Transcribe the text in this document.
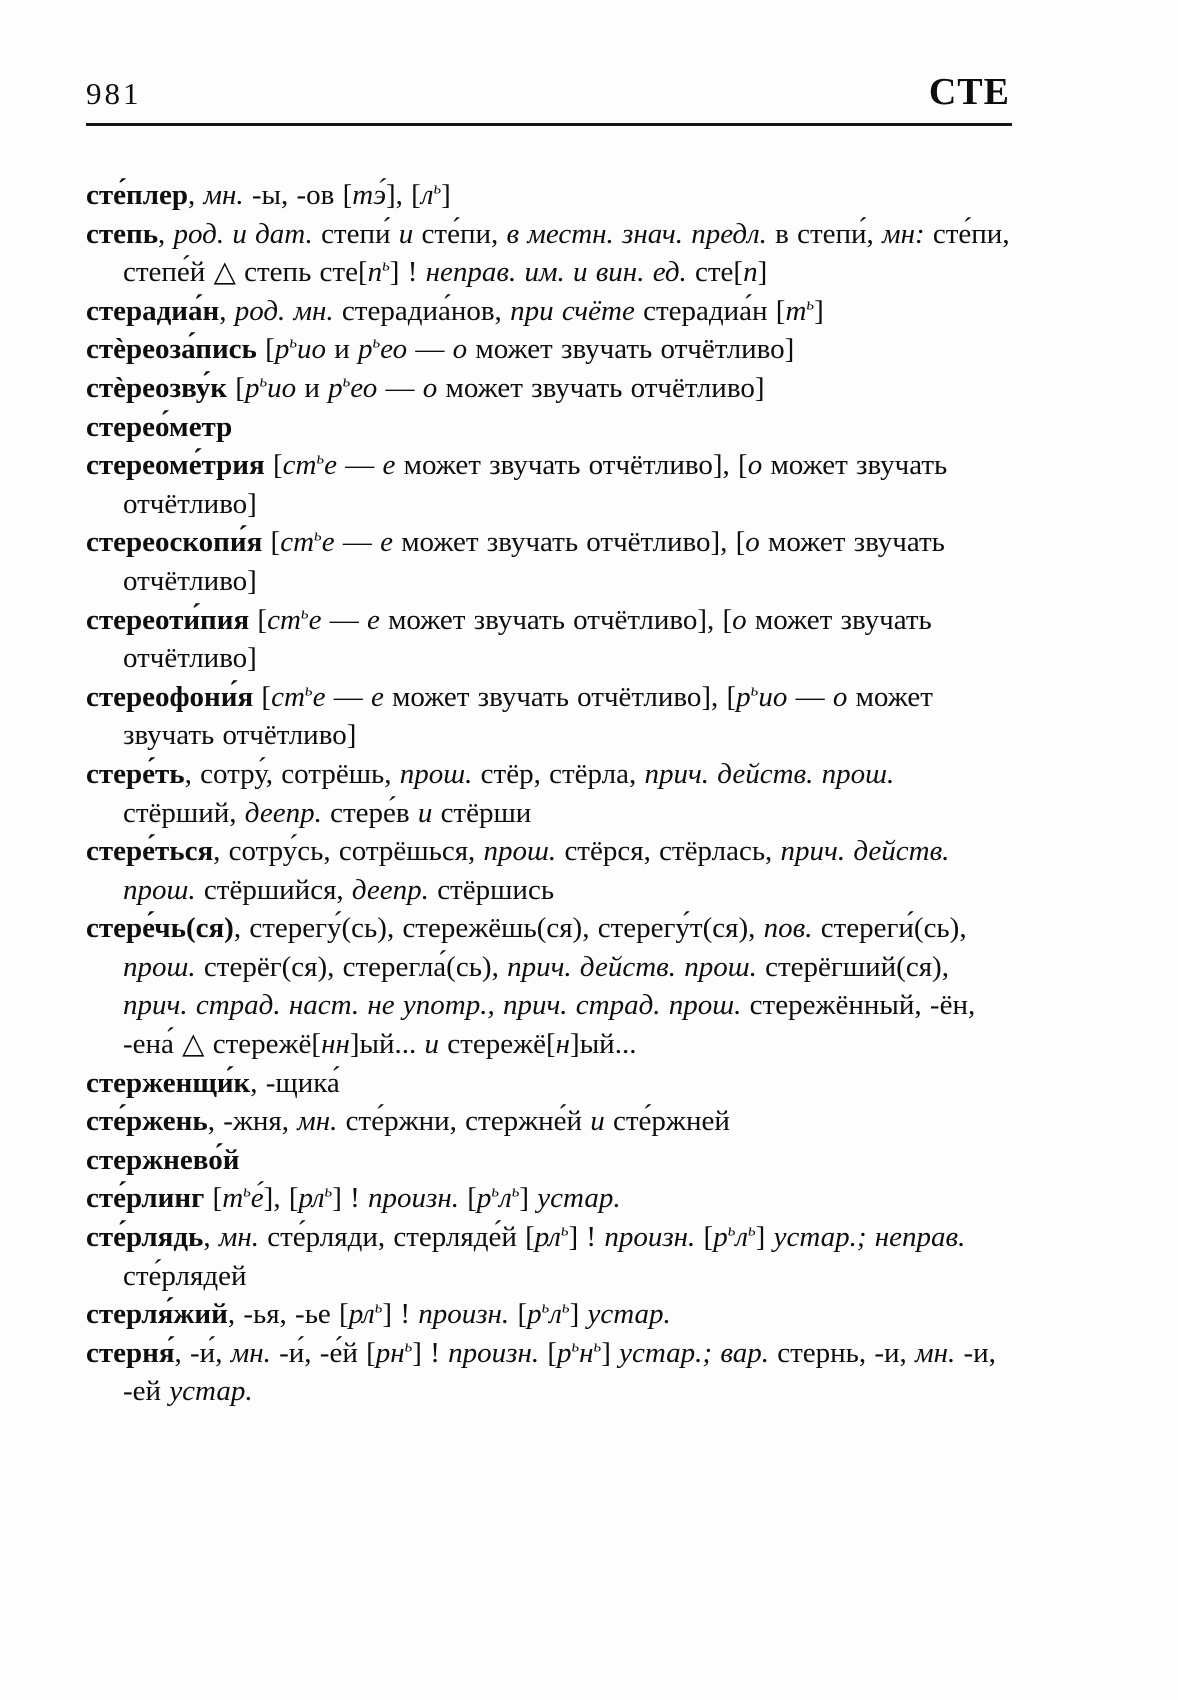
981	СТЕ

сте́плер, мн. -ы, -ов [тэ́], $[л^ь]$

степь, род. и дат. степи́ и сте́пи, в местн. знач. предл. в степи́, мн: сте́пи, степе́й △ степь $сте[п^ь]$ ! неправ. им. и вин. ед. сте[п]

стерадиа́н, род. мн. стерадиа́нов, при счёте стерадиа́н $[т^ь]$

стѐреоза́пись [$р^ьио$ и $р^ьео$ — о может звучать отчётливо]

стѐреозву́к [$р^ьио$ и $р^ьео$ — о может звучать отчётливо]

стерео́метр

стереоме́трия [$ст^ье$ — е может звучать отчётливо], [о может звучать отчётливо]

стереоскопи́я [$ст^ье$ — е может звучать отчётливо], [о может звучать отчётливо]

стереоти́пия [$ст^ье$ — е может звучать отчётливо], [о может звучать отчётливо]

стереофони́я [$ст^ье$ — е может звучать отчётливо], [$р^ьио$ — о может звучать отчётливо]

стере́ть, сотру́, сотрёшь, прош. стёр, стёрла, прич. действ. прош. стёрший, деепр. стере́в и стёрши

стере́ться, сотру́сь, сотрёшься, прош. стёрся, стёрлась, прич. действ. прош. стёршийся, деепр. стёршись

стере́чь(ся), стерегу́(сь), стережёшь(ся), стерегу́т(ся), пов. стереги́(сь), прош. стерёг(ся), стерегла́(сь), прич. действ. прош. стерёгший(ся), прич. страд. наст. не употр., прич. страд. прош. стережённый, -ён, -ена́ △ стережё[нн]ый... и стережё[н]ый...

стерженщи́к, -щика́

сте́ржень, -жня, мн. сте́ржни, стержне́й и сте́ржней

стержнево́й

сте́рлинг $[т^ье́]$, $[рл^ь]$ ! произн. $[р^ьл^ь]$ устар.

сте́рлядь, мн. сте́рляди, стерляде́й $[рл^ь]$ ! произн. $[р^ьл^ь]$ устар.; неправ. сте́рлядей

стерля́жий, -ья, -ье $[рл^ь]$ ! произн. $[р^ьл^ь]$ устар.

стерня́, -и́, мн. -и́, -е́й $[рн^ь]$ ! произн. $[р^ьн^ь]$ устар.; вар. стернь, -и, мн. -и, -ей устар.
